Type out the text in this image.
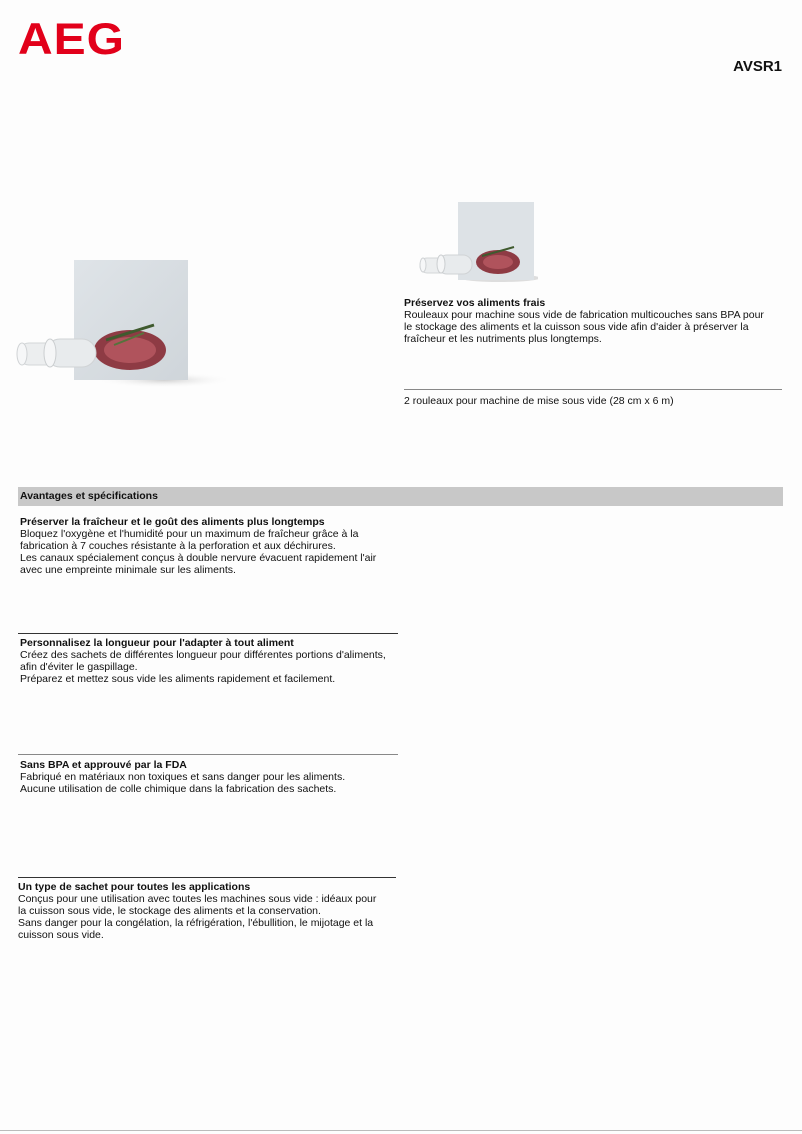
AEG
AVSR1

Préservez vos aliments frais

Rouleaux pour machine sous vide de fabrication multicouches sans BPA pour

le stockage des aliments et la cuisson sous vide afin d'aider à préserver la

fraîcheur et les nutriments plus longtemps.

2 rouleaux pour machine de mise sous vide (28 cm x 6 m)
Avantages et spécifications

Préserver la fraîcheur et le goût des aliments plus longtemps

Bloquez l'oxygène et l'humidité pour un maximum de fraîcheur grâce à la

fabrication à 7 couches résistante à la perforation et aux déchirures.

Les canaux spécialement conçus à double nervure évacuent rapidement l'air

avec une empreinte minimale sur les aliments.

Personnalisez la longueur pour l'adapter à tout aliment

Créez des sachets de différentes longueur pour différentes portions d'aliments,

afin d'éviter le gaspillage.

Préparez et mettez sous vide les aliments rapidement et facilement.

Sans BPA et approuvé par la FDA

Fabriqué en matériaux non toxiques et sans danger pour les aliments.

Aucune utilisation de colle chimique dans la fabrication des sachets.

Un type de sachet pour toutes les applications

Conçus pour une utilisation avec toutes les machines sous vide : idéaux pour

la cuisson sous vide, le stockage des aliments et la conservation.

Sans danger pour la congélation, la réfrigération, l'ébullition, le mijotage et la

cuisson sous vide.
